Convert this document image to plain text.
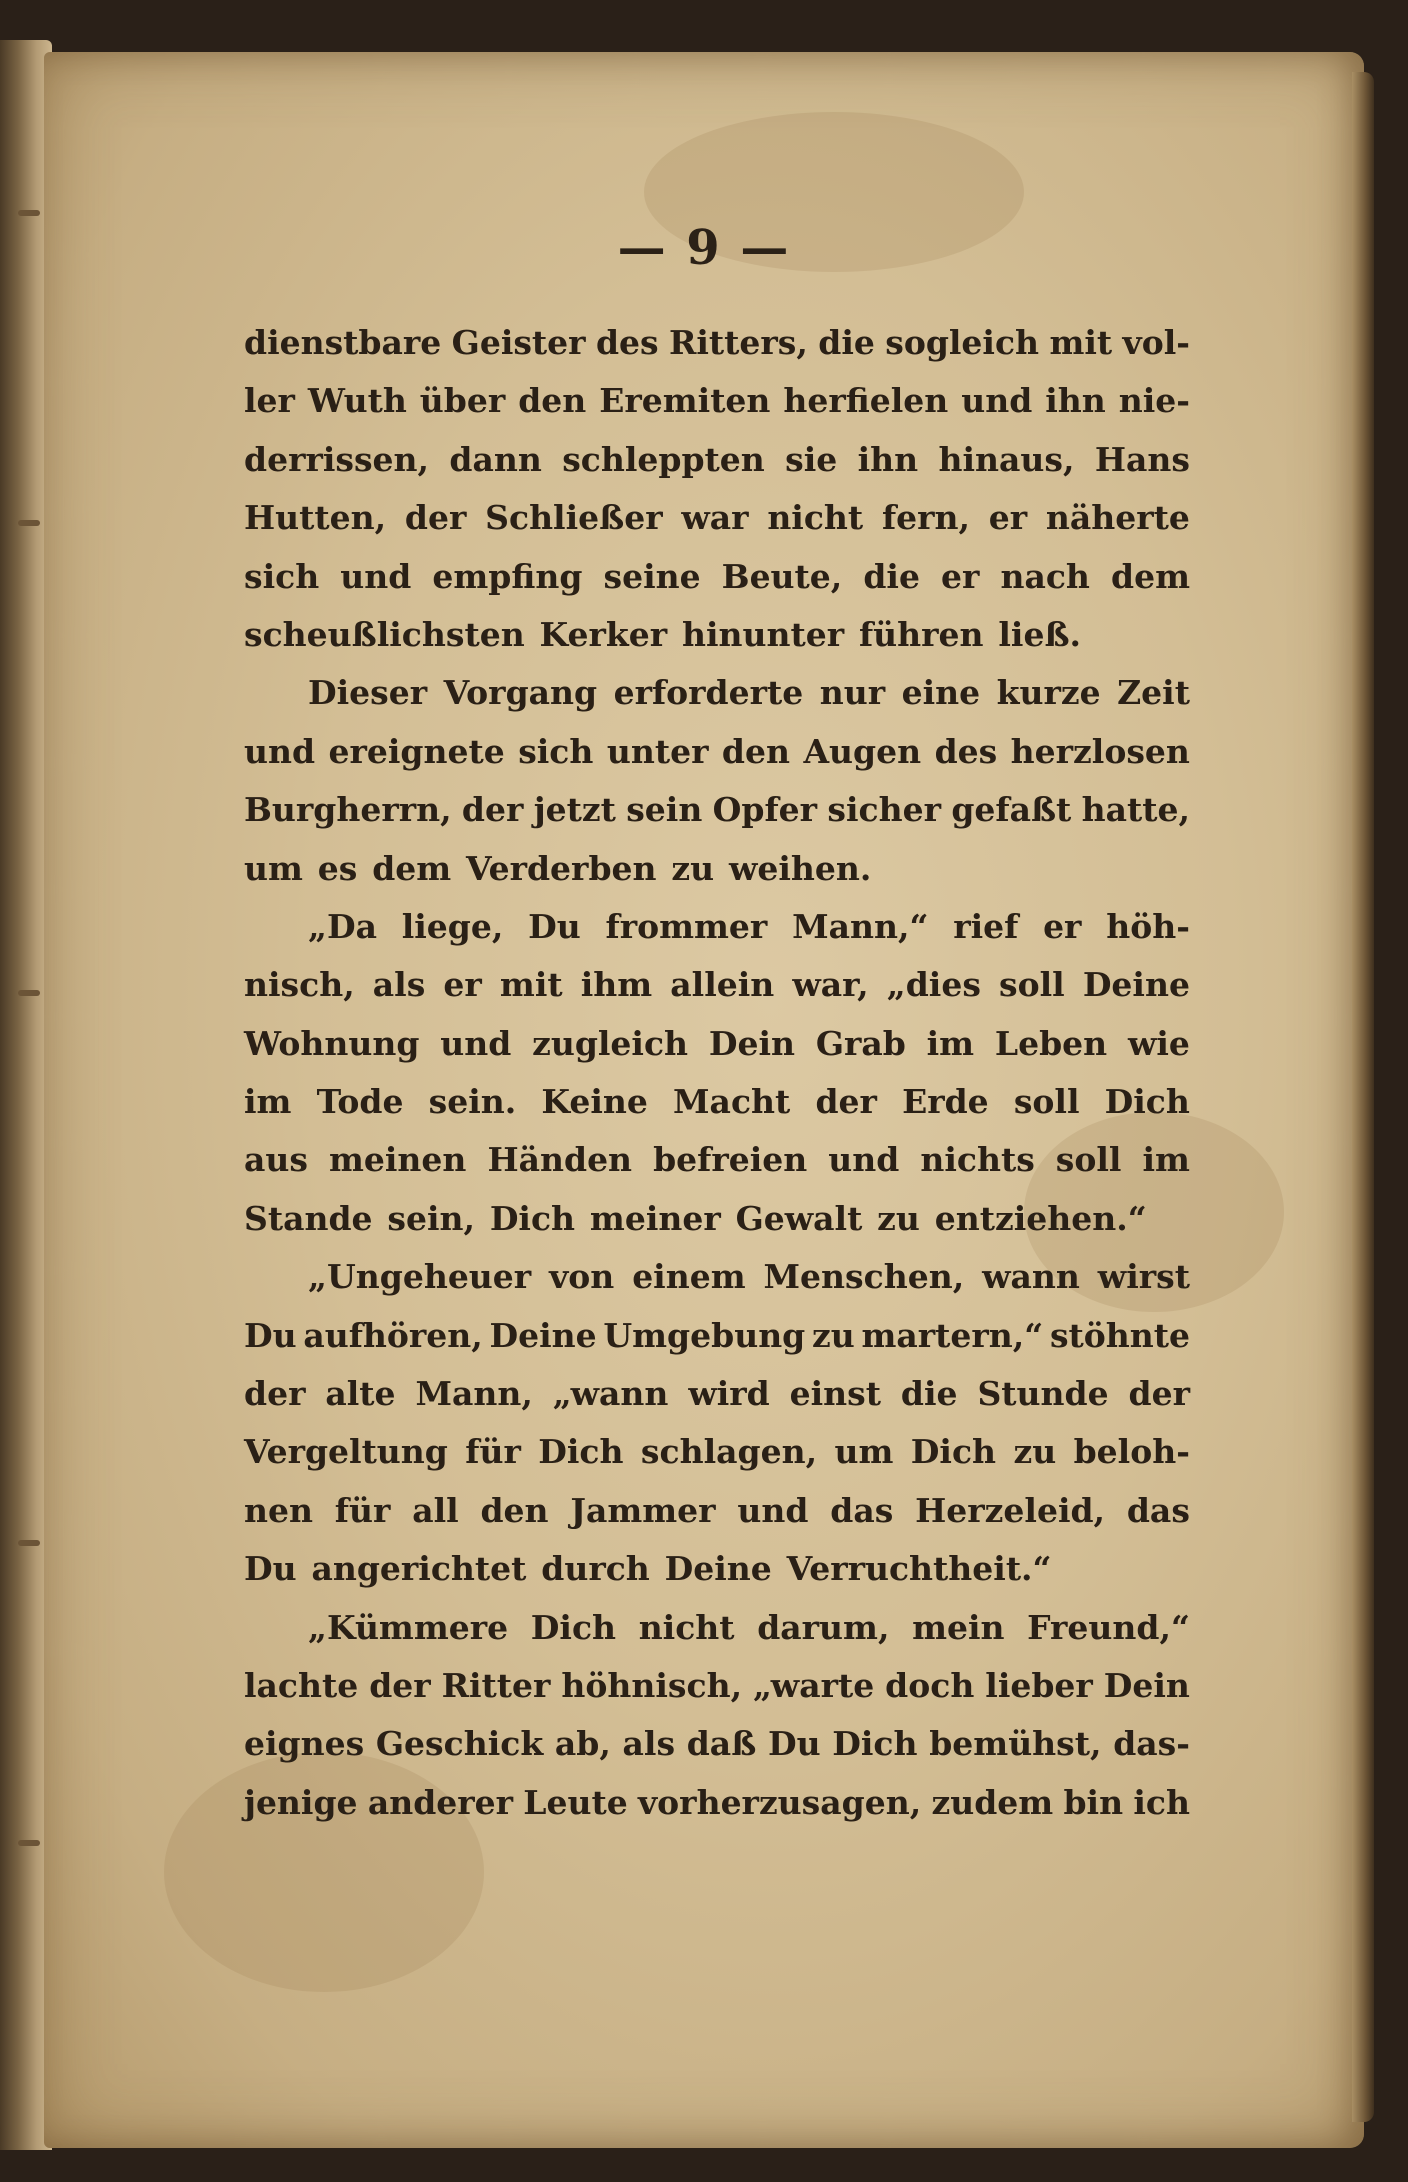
— 9 —
dienstbare Geister des Ritters, die sogleich mit vol-
ler Wuth über den Eremiten herfielen und ihn nie-
derrissen, dann schleppten sie ihn hinaus, Hans
Hutten, der Schließer war nicht fern, er näherte
sich und empfing seine Beute, die er nach dem
scheußlichsten Kerker hinunter führen ließ.
Dieser Vorgang erforderte nur eine kurze Zeit
und ereignete sich unter den Augen des herzlosen
Burgherrn, der jetzt sein Opfer sicher gefaßt hatte,
um es dem Verderben zu weihen.
„Da liege, Du frommer Mann,“ rief er höh-
nisch, als er mit ihm allein war, „dies soll Deine
Wohnung und zugleich Dein Grab im Leben wie
im Tode sein. Keine Macht der Erde soll Dich
aus meinen Händen befreien und nichts soll im
Stande sein, Dich meiner Gewalt zu entziehen.“
„Ungeheuer von einem Menschen, wann wirst
Du aufhören, Deine Umgebung zu martern,“ stöhnte
der alte Mann, „wann wird einst die Stunde der
Vergeltung für Dich schlagen, um Dich zu beloh-
nen für all den Jammer und das Herzeleid, das
Du angerichtet durch Deine Verruchtheit.“
„Kümmere Dich nicht darum, mein Freund,“
lachte der Ritter höhnisch, „warte doch lieber Dein
eignes Geschick ab, als daß Du Dich bemühst, das-
jenige anderer Leute vorherzusagen, zudem bin ich
